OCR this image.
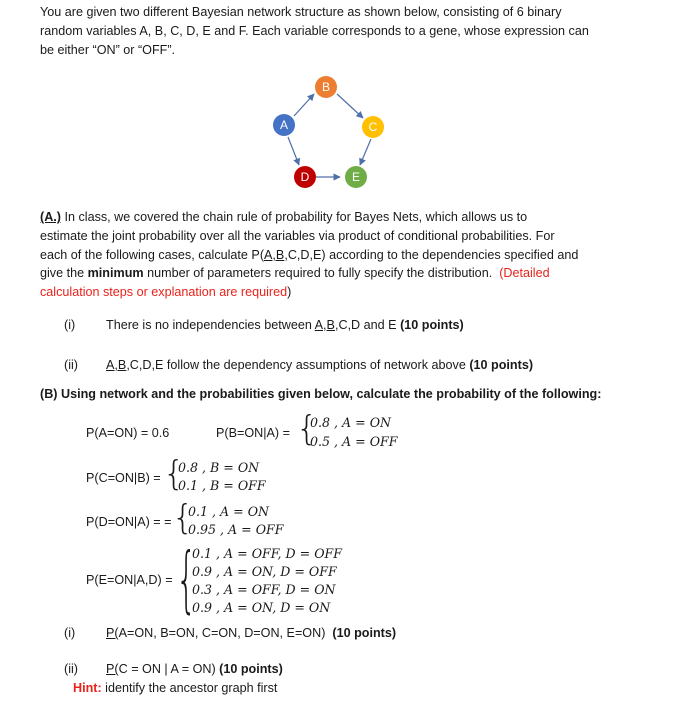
You are given two different Bayesian network structure as shown below, consisting of 6 binary
random variables A, B, C, D, E and F. Each variable corresponds to a gene, whose expression can
be either “ON” or “OFF”.
A
B
C
D	E
(A.) In class, we covered the chain rule of probability for Bayes Nets, which allows us to
estimate the joint probability over all the variables via product of conditional probabilities. For
each of the following cases, calculate P(A,B,C,D,E) according to the dependencies specified and
give the minimum number of parameters required to fully specify the distribution. (Detailed
calculation steps or explanation are required)
(i) There is no independencies between A,B,C,D and E (10 points)
(ii) A,B,C,D,E follow the dependency assumptions of network above (10 points)
(B) Using network and the probabilities given below, calculate the probability of the following:
P(A=ON) = 0.6	P(B=ON|A) = {
0.8 , A = ON
0.5 , A = OFF
P(C=ON|B) = {
0.8 , B = ON
0.1 , B = OFF
P(D=ON|A) = = {
0.1 , A = ON
0.95 , A = OFF
P(E=ON|A,D) = {
0.1 , A = OFF, D = OFF
0.9 , A = ON, D = OFF
0.3 , A = OFF, D = ON
0.9 , A = ON, D = ON
(i) P(A=ON, B=ON, C=ON, D=ON, E=ON) (10 points)
(ii) P(C = ON | A = ON) (10 points)
Hint: identify the ancestor graph first
